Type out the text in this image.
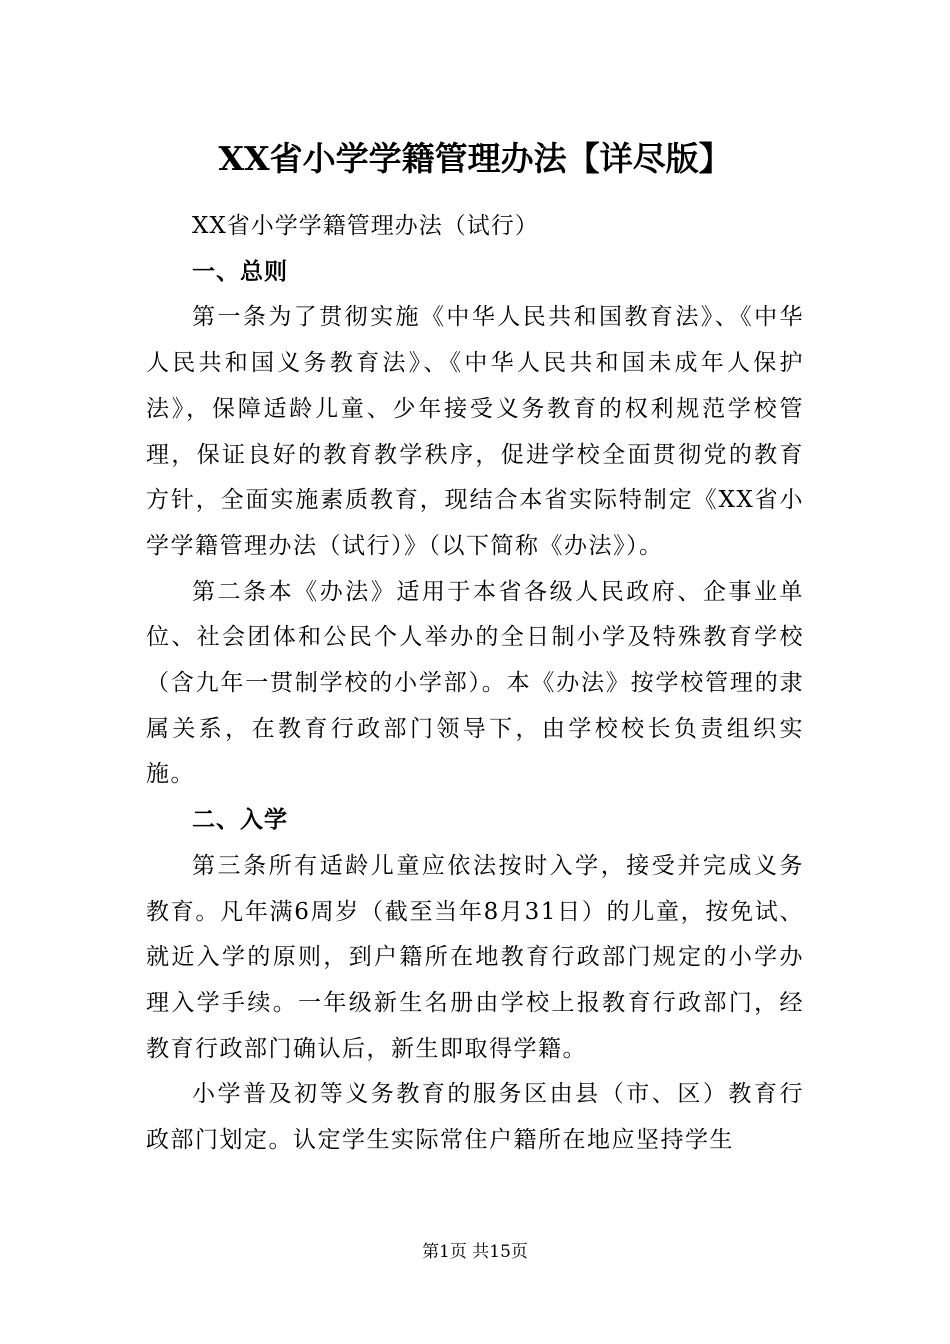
XX省小学学籍管理办法【详尽版】

XX省小学学籍管理办法（试行）

一、总则

第一条为了贯彻实施《中华人民共和国教育法》、《中华人民共和国义务教育法》、《中华人民共和国未成年人保护法》，保障适龄儿童、少年接受义务教育的权利规范学校管理，保证良好的教育教学秩序，促进学校全面贯彻党的教育方针，全面实施素质教育，现结合本省实际特制定《XX省小学学籍管理办法（试行）》（以下简称《办法》）。

第二条本《办法》适用于本省各级人民政府、企事业单位、社会团体和公民个人举办的全日制小学及特殊教育学校（含九年一贯制学校的小学部）。本《办法》按学校管理的隶属关系，在教育行政部门领导下，由学校校长负责组织实施。

二、入学

第三条所有适龄儿童应依法按时入学，接受并完成义务教育。凡年满6周岁（截至当年8月31日）的儿童，按免试、就近入学的原则，到户籍所在地教育行政部门规定的小学办理入学手续。一年级新生名册由学校上报教育行政部门，经教育行政部门确认后，新生即取得学籍。

小学普及初等义务教育的服务区由县（市、区）教育行政部门划定。认定学生实际常住户籍所在地应坚持学生

第1页 共15页
